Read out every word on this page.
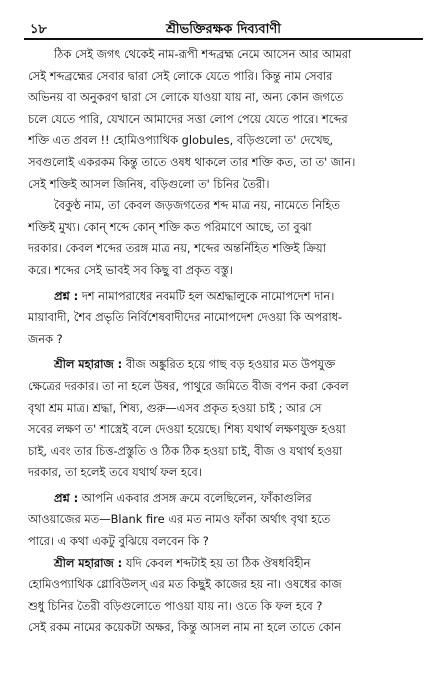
১৮	শ্রীভক্তিরক্ষক দিব্যবাণী
ঠিক সেই জগৎ থেকেই নাম-রূপী শব্দব্রহ্ম নেমে আসেন আর আমরা
সেই শব্দব্রহ্মের সেবার দ্বারা সেই লোকে যেতে পারি। কিন্তু নাম সেবার
অভিনয় বা অনুকরণ দ্বারা সে লোকে যাওয়া যায় না, অন্য কোন জগতে
চলে যেতে পারি, যেখানে আমাদের সত্তা লোপ পেয়ে যেতে পারে। শব্দের
শক্তি এত প্রবল !! হোমিওপ্যাথিক globules, বড়িগুলো ত' দেখেছ,
সবগুলোই একরকম কিন্তু তাতে ওষধ থাকলে তার শক্তি কত, তা ত' জান।
সেই শক্তিই আসল জিনিষ, বড়িগুলো ত' চিনির তৈরী।
বৈকুণ্ঠ নাম, তা কেবল জড়জগতের শব্দ মাত্র নয়, নামেতে নিহিত
শক্তিই মুখ্য। কোন্ শব্দে কোন্ শক্তি কত পরিমাণে আছে, তা বুঝা
দরকার। কেবল শব্দের তরঙ্গ মাত্র নয়, শব্দের অন্তর্নিহিত শক্তিই ক্রিয়া
করে। শব্দের সেই ভাবই সব কিছু বা প্রকৃত বস্তু।
প্রশ্ন : দশ নামাপরাধের নবমটি হল অশ্রদ্ধালুকে নামোপদেশ দান।
মায়াবাদী, শৈব প্রভৃতি নির্বিশেষবাদীদের নামোপদেশ দেওয়া কি অপরাধ-
জনক ?
শ্রীল মহারাজ : বীজ অঙ্কুরিত হয়ে গাছ বড় হওয়ার মত উপযুক্ত
ক্ষেত্রের দরকার। তা না হলে উষর, পাথুরে জমিতে বীজ বপন করা কেবল
বৃথা শ্রম মাত্র। শ্রদ্ধা, শিষ্য, গুরু—এসব প্রকৃত হওয়া চাই ; আর সে
সবের লক্ষণ ত' শাস্ত্রেই বলে দেওয়া হয়েছে। শিষ্য যথার্থ লক্ষণযুক্ত হওয়া
চাই, এবং তার চিত্ত-প্রস্তুতি ও ঠিক ঠিক হওয়া চাই, বীজ ও যথার্থ হওয়া
দরকার, তা হলেই তবে যথার্থ ফল হবে।
প্রশ্ন : আপনি একবার প্রসঙ্গ ক্রমে বলেছিলেন, ফাঁকাগুলির
আওয়াজের মত—Blank fire এর মত নামও ফাঁকা অর্থাৎ বৃথা হতে
পারে। এ কথা একটু বুঝিয়ে বলবেন কি ?
শ্রীল মহারাজ : যদি কেবল শব্দটাই হয় তা ঠিক ঔষধবিহীন
হোমিওপ্যাথিক গ্লোবিউলস্ এর মত কিছুই কাজের হয় না। ওষধের কাজ
শুধু চিনির তৈরী বড়িগুলোতে পাওয়া যায় না। ওতে কি ফল হবে ?
সেই রকম নামের কয়েকটা অক্ষর, কিন্তু আসল নাম না হলে তাতে কোন
